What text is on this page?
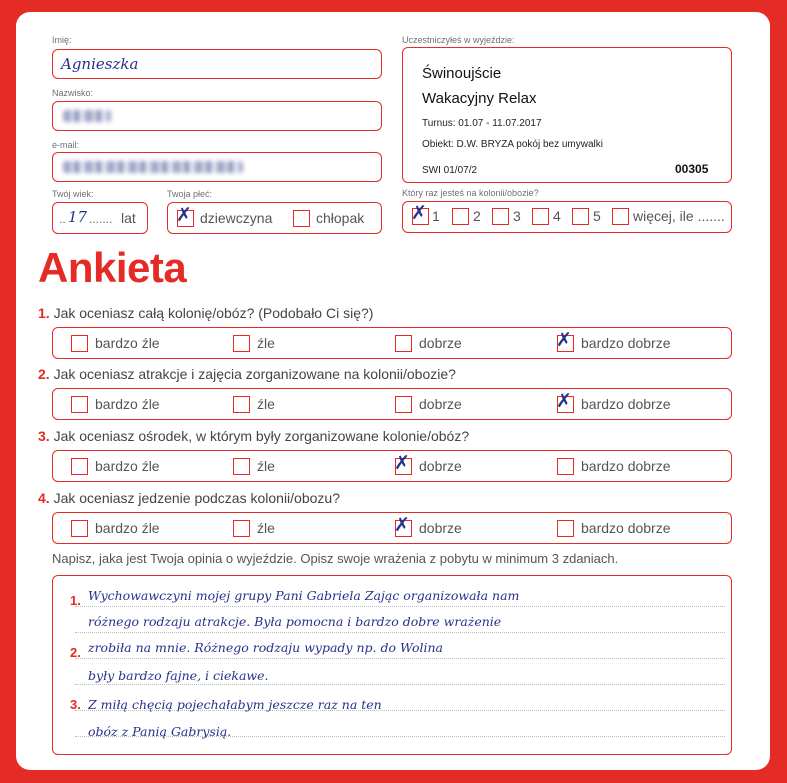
Imię:
Agnieszka
Nazwisko:
e-mail:
Twój wiek:
.. 17 ....... lat
Twoja płeć:
✗ dziewczyna	chłopak
Uczestniczyłeś w wyjeździe:
Świnoujście
Wakacyjny Relax
Turnus: 01.07 - 11.07.2017
Obiekt: D.W. BRYZA pokój bez umywalki
SWI 01/07/2	00305
Który raz jesteś na kolonii/obozie?
✗ 1 2 3 4 5 więcej, ile .......
Ankieta
1. Jak oceniasz całą kolonię/obóz? (Podobało Ci się?)
bardzo źle	źle	dobrze	✗ bardzo dobrze
2. Jak oceniasz atrakcje i zajęcia zorganizowane na kolonii/obozie?
bardzo źle	źle	dobrze	✗ bardzo dobrze
3. Jak oceniasz ośrodek, w którym były zorganizowane kolonie/obóz?
bardzo źle	źle	✗ dobrze	bardzo dobrze
4. Jak oceniasz jedzenie podczas kolonii/obozu?
bardzo źle	źle	✗ dobrze	bardzo dobrze
Napisz, jaka jest Twoja opinia o wyjeździe. Opisz swoje wrażenia z pobytu w minimum 3 zdaniach.
1.
2.
3.
Wychowawczyni mojej grupy Pani Gabriela Zając organizowała nam
różnego rodzaju atrakcje. Była pomocna i bardzo dobre wrażenie
zrobiła na mnie. Różnego rodzaju wypady np. do Wolina
były bardzo fajne, i ciekawe.
Z miłą chęcią pojechałabym jeszcze raz na ten
obóz z Panią Gabrysią.
